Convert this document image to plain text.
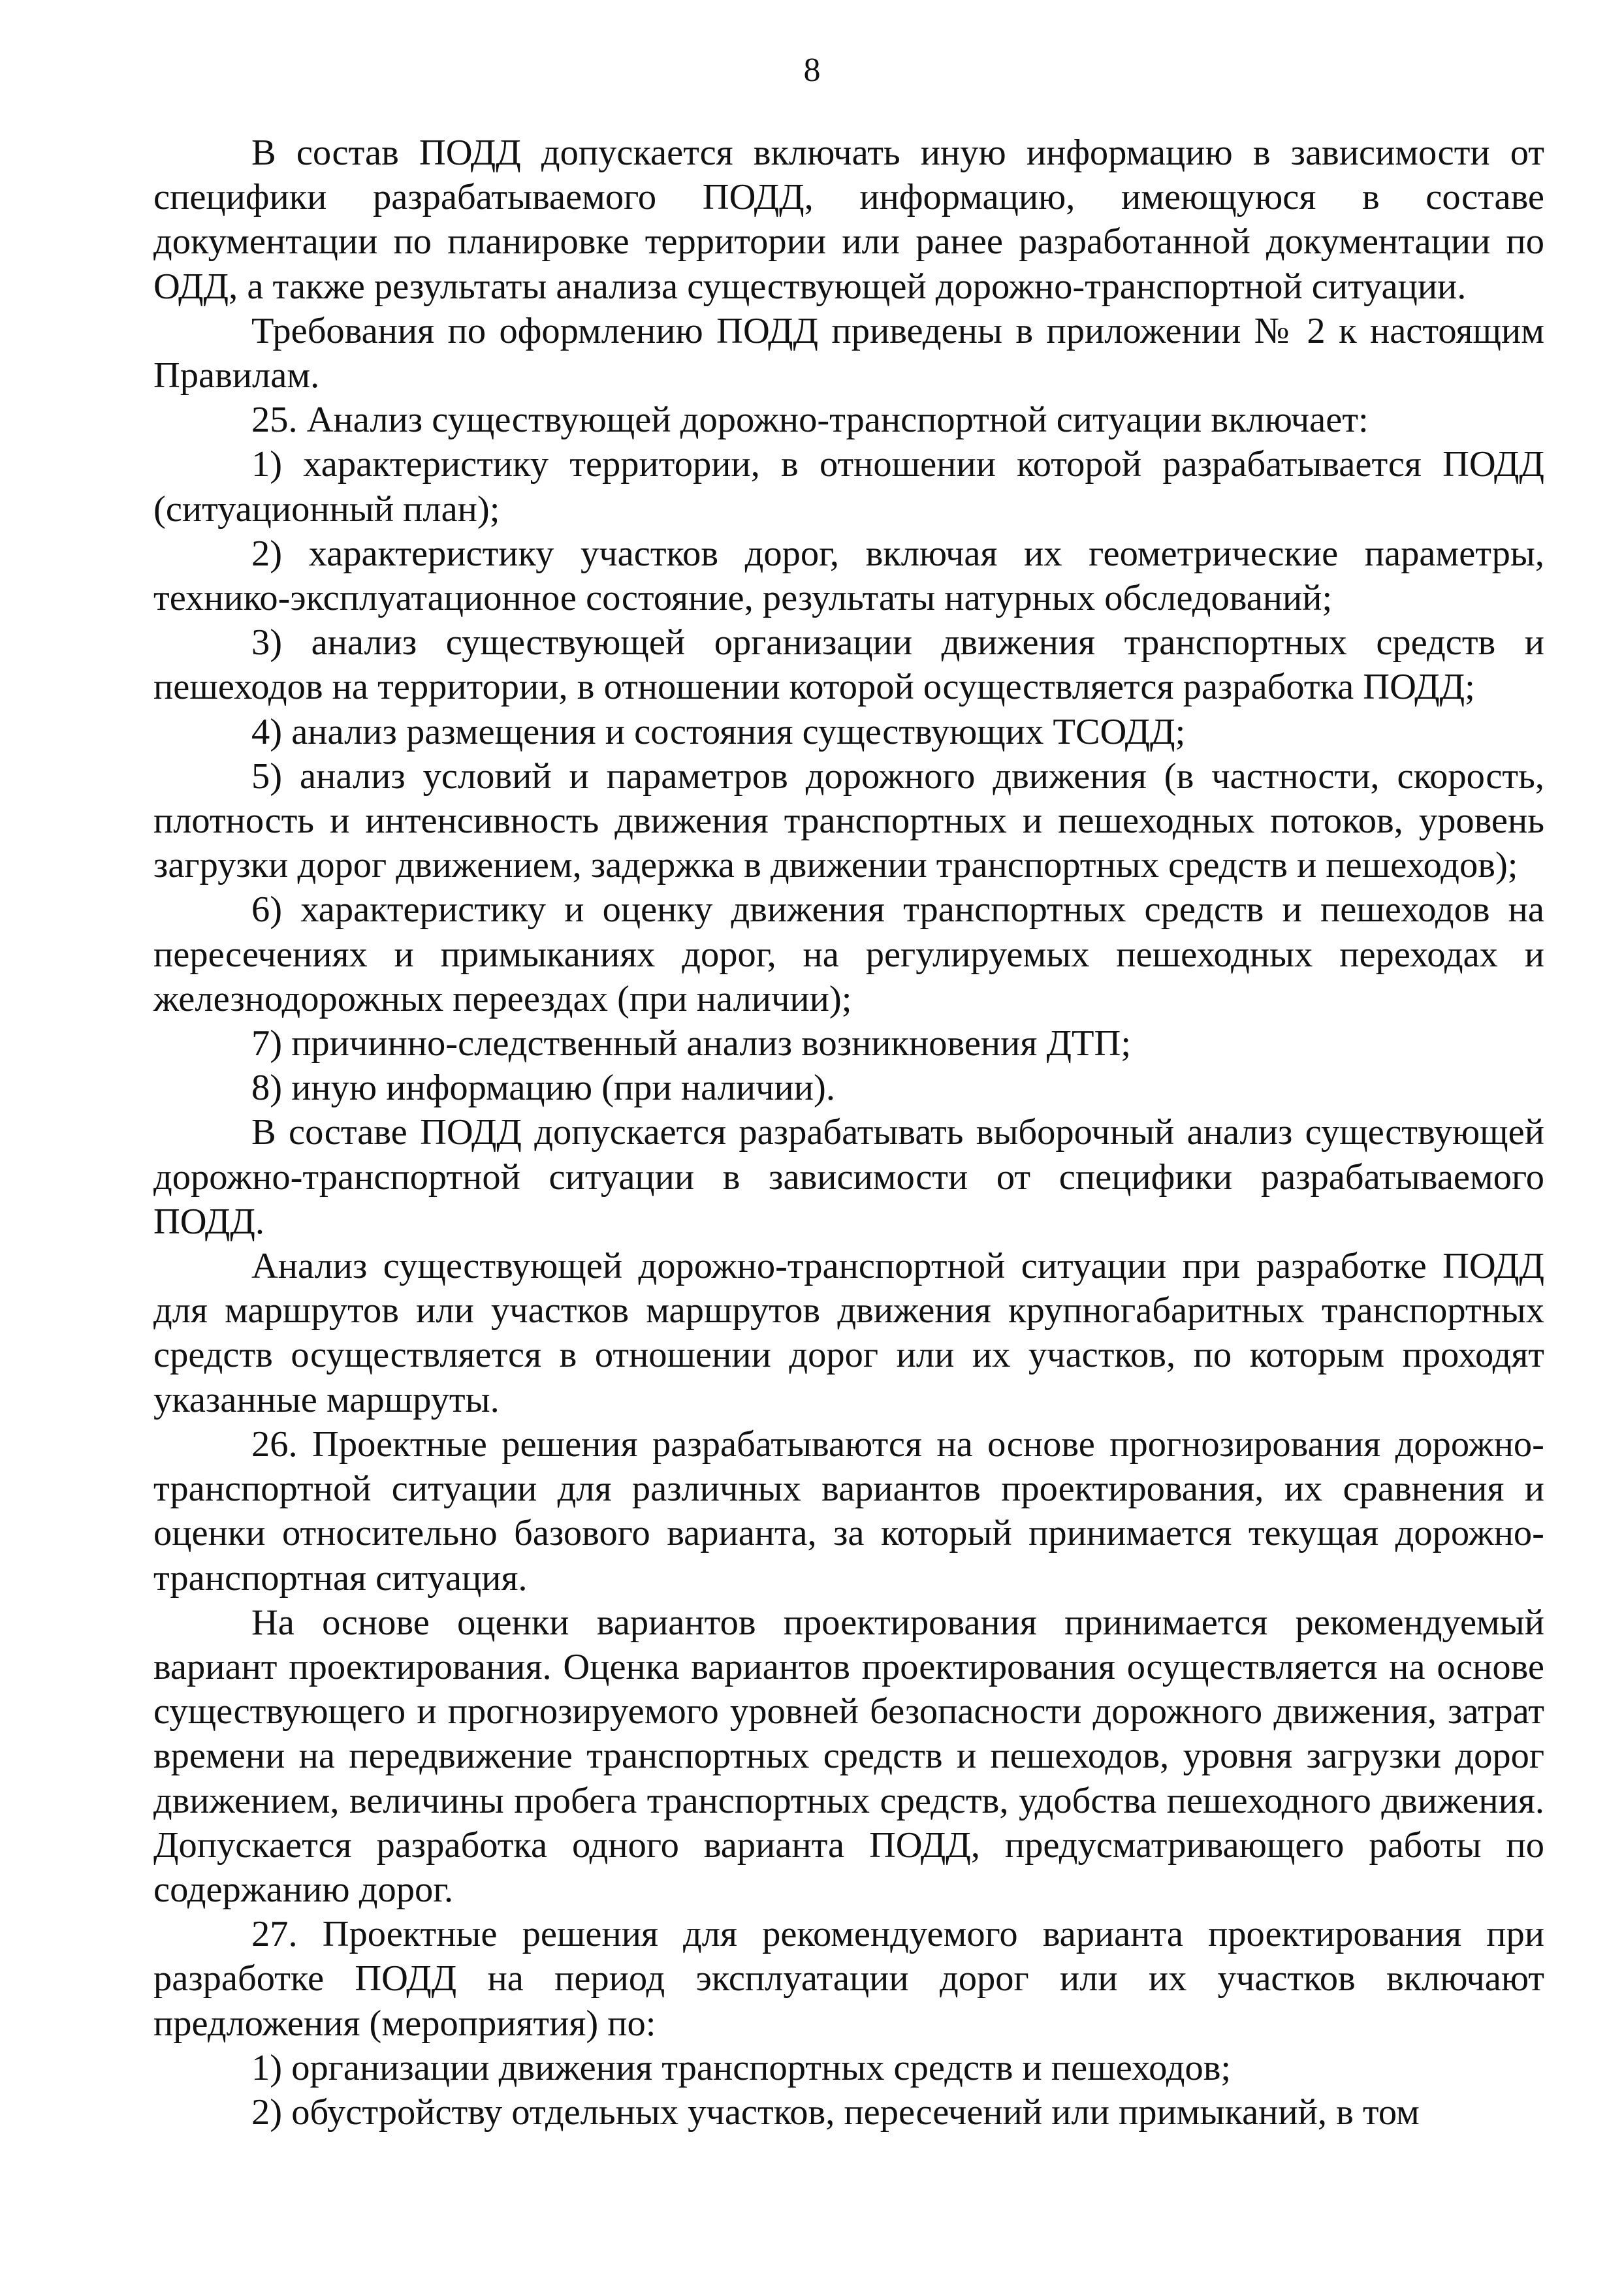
8

В состав ПОДД допускается включать иную информацию в зависимости от специфики разрабатываемого ПОДД, информацию, имеющуюся в составе документации по планировке территории или ранее разработанной документации по ОДД, а также результаты анализа существующей дорожно-транспортной ситуации.

Требования по оформлению ПОДД приведены в приложении № 2 к настоящим Правилам.

25. Анализ существующей дорожно-транспортной ситуации включает:

1) характеристику территории, в отношении которой разрабатывается ПОДД (ситуационный план);

2) характеристику участков дорог, включая их геометрические параметры, технико-эксплуатационное состояние, результаты натурных обследований;

3) анализ существующей организации движения транспортных средств и пешеходов на территории, в отношении которой осуществляется разработка ПОДД;

4) анализ размещения и состояния существующих ТСОДД;

5) анализ условий и параметров дорожного движения (в частности, скорость, плотность и интенсивность движения транспортных и пешеходных потоков, уровень загрузки дорог движением, задержка в движении транспортных средств и пешеходов);

6) характеристику и оценку движения транспортных средств и пешеходов на пересечениях и примыканиях дорог, на регулируемых пешеходных переходах и железнодорожных переездах (при наличии);

7) причинно-следственный анализ возникновения ДТП;

8) иную информацию (при наличии).

В составе ПОДД допускается разрабатывать выборочный анализ существующей дорожно-транспортной ситуации в зависимости от специфики разрабатываемого ПОДД.

Анализ существующей дорожно-транспортной ситуации при разработке ПОДД для маршрутов или участков маршрутов движения крупногабаритных транспортных средств осуществляется в отношении дорог или их участков, по которым проходят указанные маршруты.

26. Проектные решения разрабатываются на основе прогнозирования дорожно-транспортной ситуации для различных вариантов проектирования, их сравнения и оценки относительно базового варианта, за который принимается текущая дорожно-транспортная ситуация.

На основе оценки вариантов проектирования принимается рекомендуемый вариант проектирования. Оценка вариантов проектирования осуществляется на основе существующего и прогнозируемого уровней безопасности дорожного движения, затрат времени на передвижение транспортных средств и пешеходов, уровня загрузки дорог движением, величины пробега транспортных средств, удобства пешеходного движения. Допускается разработка одного варианта ПОДД, предусматривающего работы по содержанию дорог.

27. Проектные решения для рекомендуемого варианта проектирования при разработке ПОДД на период эксплуатации дорог или их участков включают предложения (мероприятия) по:

1) организации движения транспортных средств и пешеходов;

2) обустройству отдельных участков, пересечений или примыканий, в том
